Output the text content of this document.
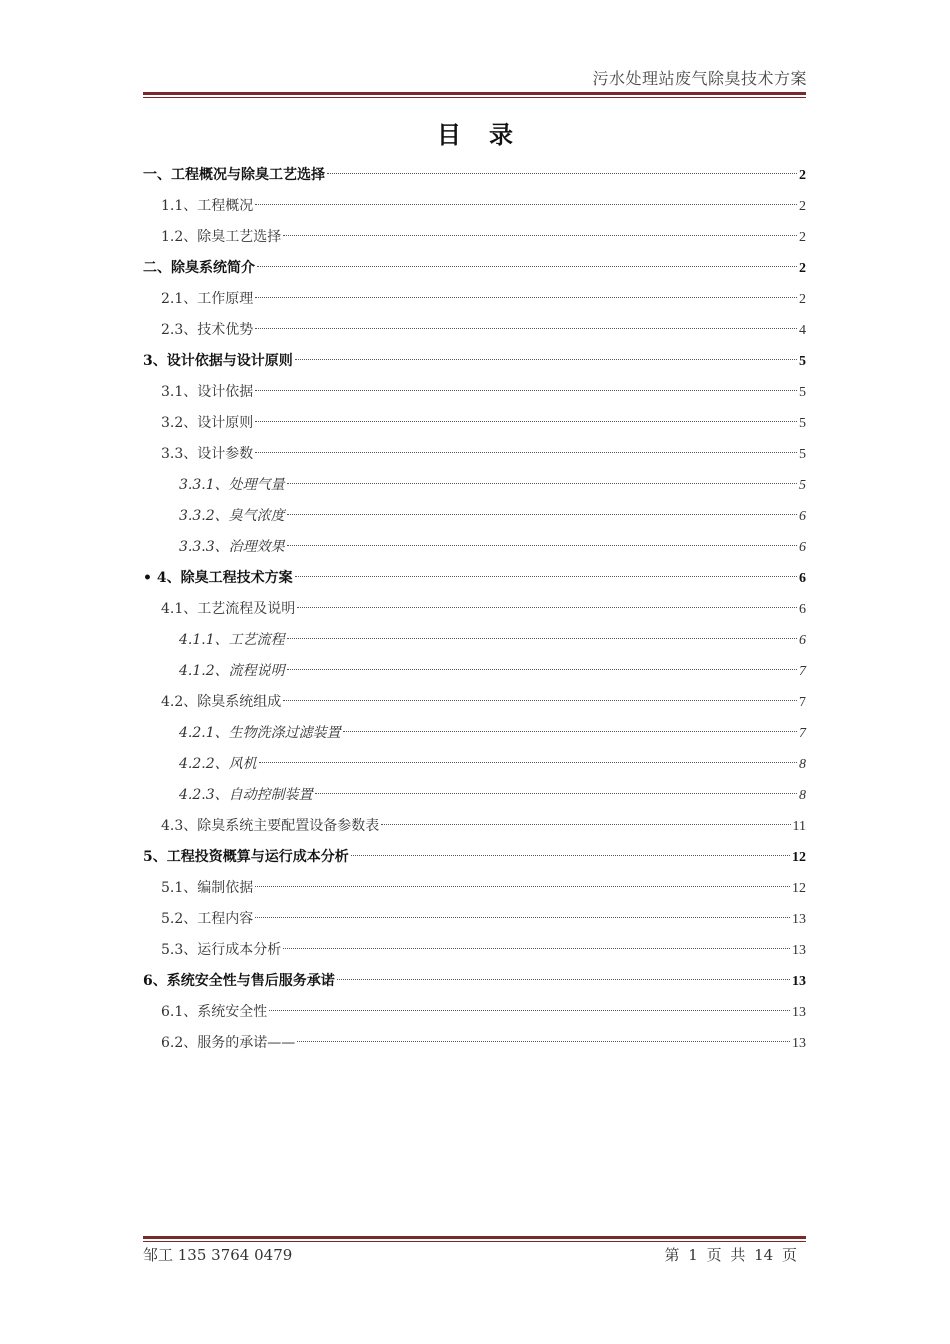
污水处理站废气除臭技术方案
目录
一、工程概况与除臭工艺选择	2
1.1、工程概况	2
1.2、除臭工艺选择	2
二、除臭系统简介	2
2.1、工作原理	2
2.3、技术优势	4
3、设计依据与设计原则	5
3.1、设计依据	5
3.2、设计原则	5
3.3、设计参数	5
3.3.1、处理气量	5
3.3.2、臭气浓度	6
3.3.3、治理效果	6
• 4、除臭工程技术方案	6
4.1、工艺流程及说明	6
4.1.1、工艺流程	6
4.1.2、流程说明	7
4.2、除臭系统组成	7
4.2.1、生物洗涤过滤装置	7
4.2.2、风机	8
4.2.3、自动控制装置	8
4.3、除臭系统主要配置设备参数表	11
5、工程投资概算与运行成本分析	12
5.1、编制依据	12
5.2、工程内容	13
5.3、运行成本分析	13
6、系统安全性与售后服务承诺	13
6.1、系统安全性	13
6.2、服务的承诺——	13
邹工 135 3764 0479	第 1 页 共 14 页
